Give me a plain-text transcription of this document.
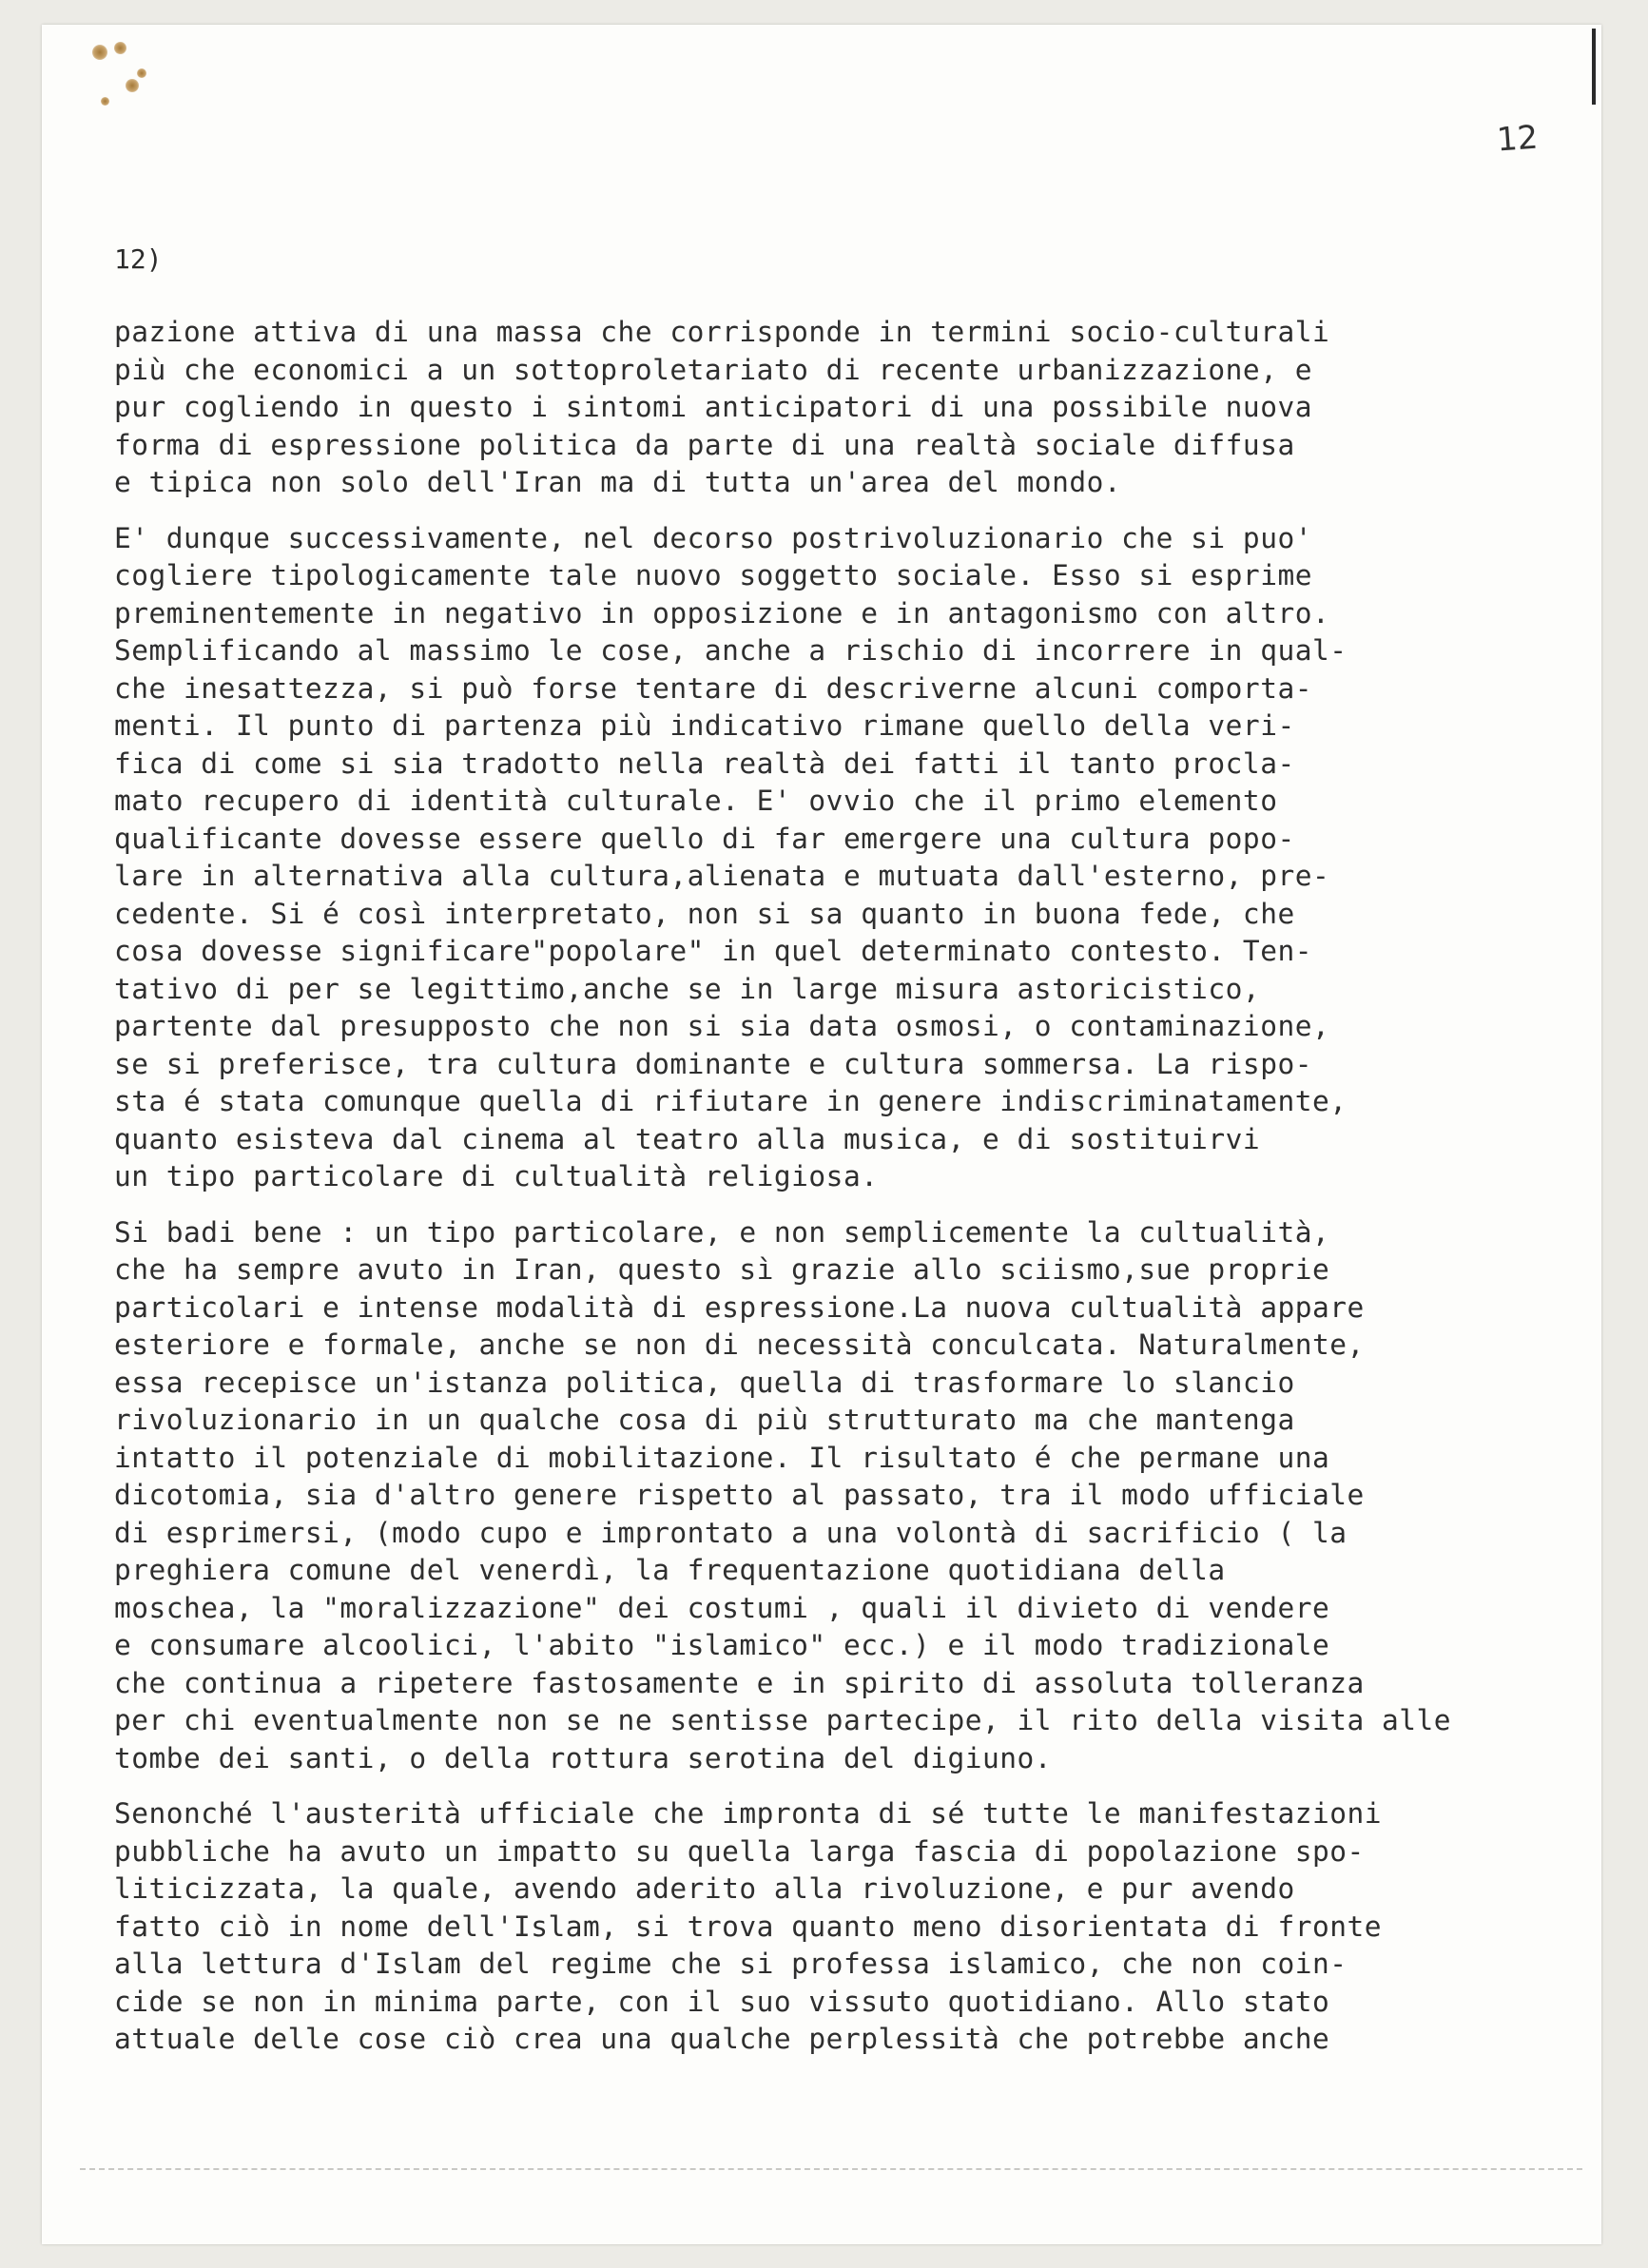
12
12)
pazione attiva di una massa che corrisponde in termini socio-culturali
più che economici a un sottoproletariato di recente urbanizzazione, e
pur cogliendo in questo i sintomi anticipatori di una possibile nuova
forma di espressione politica da parte di una realtà sociale diffusa
e tipica non solo dell'Iran ma di tutta un'area del mondo.
E' dunque successivamente, nel decorso postrivoluzionario che si puo'
cogliere tipologicamente tale nuovo soggetto sociale. Esso si esprime
preminentemente in negativo in opposizione e in antagonismo con altro.
Semplificando al massimo le cose, anche a rischio di incorrere in qual-
che inesattezza, si può forse tentare di descriverne alcuni comporta-
menti. Il punto di partenza più indicativo rimane quello della veri-
fica di come si sia tradotto nella realtà dei fatti il tanto procla-
mato recupero di identità culturale. E' ovvio che il primo elemento
qualificante dovesse essere quello di far emergere una cultura popo-
lare in alternativa alla cultura,alienata e mutuata dall'esterno, pre-
cedente. Si é così interpretato, non si sa quanto in buona fede, che
cosa dovesse significare"popolare" in quel determinato contesto. Ten-
tativo di per se legittimo,anche se in large misura astoricistico,
partente dal presupposto che non si sia data osmosi, o contaminazione,
se si preferisce, tra cultura dominante e cultura sommersa. La rispo-
sta é stata comunque quella di rifiutare in genere indiscriminatamente,
quanto esisteva dal cinema al teatro alla musica, e di sostituirvi
un tipo particolare di cultualità religiosa.
Si badi bene : un tipo particolare, e non semplicemente la cultualità,
che ha sempre avuto in Iran, questo sì grazie allo sciismo,sue proprie
particolari e intense modalità di espressione.La nuova cultualità appare
esteriore e formale, anche se non di necessità conculcata. Naturalmente,
essa recepisce un'istanza politica, quella di trasformare lo slancio
rivoluzionario in un qualche cosa di più strutturato ma che mantenga
intatto il potenziale di mobilitazione. Il risultato é che permane una
dicotomia, sia d'altro genere rispetto al passato, tra il modo ufficiale
di esprimersi, (modo cupo e improntato a una volontà di sacrificio ( la
preghiera comune del venerdì, la frequentazione quotidiana della
moschea, la "moralizzazione" dei costumi , quali il divieto di vendere
e consumare alcoolici, l'abito "islamico" ecc.) e il modo tradizionale
che continua a ripetere fastosamente e in spirito di assoluta tolleranza
per chi eventualmente non se ne sentisse partecipe, il rito della visita alle
tombe dei santi, o della rottura serotina del digiuno.
Senonché l'austerità ufficiale che impronta di sé tutte le manifestazioni
pubbliche ha avuto un impatto su quella larga fascia di popolazione spo-
liticizzata, la quale, avendo aderito alla rivoluzione, e pur avendo
fatto ciò in nome dell'Islam, si trova quanto meno disorientata di fronte
alla lettura d'Islam del regime che si professa islamico, che non coin-
cide se non in minima parte, con il suo vissuto quotidiano. Allo stato
attuale delle cose ciò crea una qualche perplessità che potrebbe anche
